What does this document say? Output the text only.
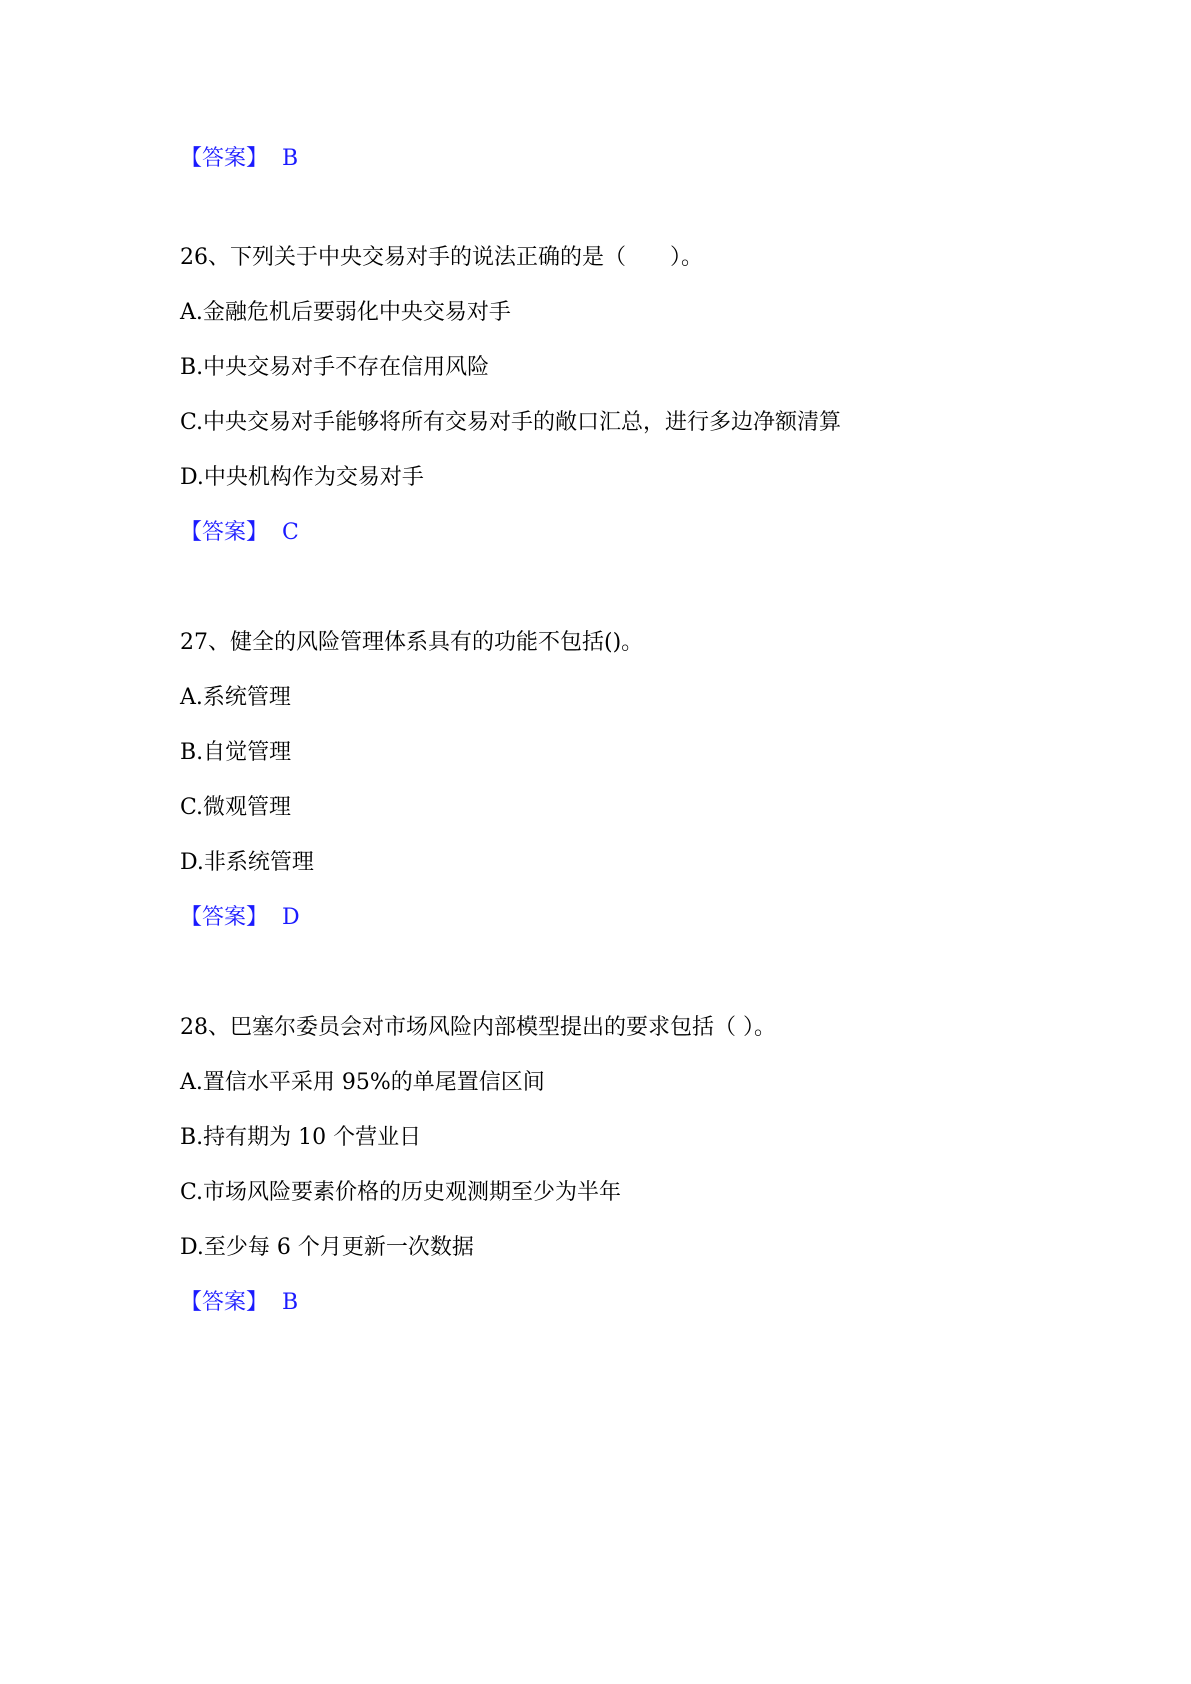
【答案】 B
26、下列关于中央交易对手的说法正确的是（　　）。
A.金融危机后要弱化中央交易对手
B.中央交易对手不存在信用风险
C.中央交易对手能够将所有交易对手的敞口汇总，进行多边净额清算
D.中央机构作为交易对手
【答案】 C
27、健全的风险管理体系具有的功能不包括()。
A.系统管理
B.自觉管理
C.微观管理
D.非系统管理
【答案】 D
28、巴塞尔委员会对市场风险内部模型提出的要求包括（ ）。
A.置信水平采用 95%的单尾置信区间
B.持有期为 10 个营业日
C.市场风险要素价格的历史观测期至少为半年
D.至少每 6 个月更新一次数据
【答案】 B
